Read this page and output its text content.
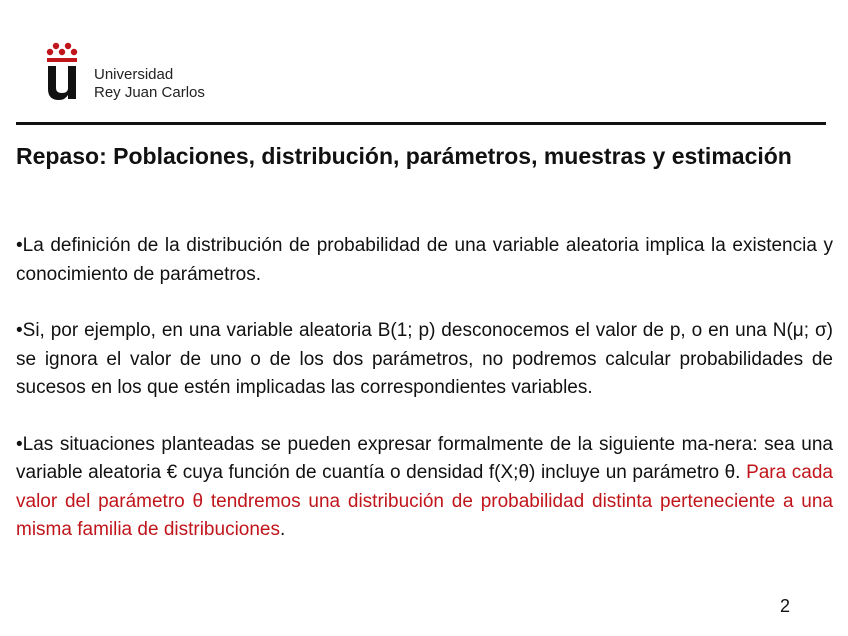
Universidad
Rey Juan Carlos
Repaso: Poblaciones, distribución, parámetros, muestras y estimación

•La definición de la distribución de probabilidad de una variable aleatoria implica la existencia y conocimiento de parámetros.

•Si, por ejemplo, en una variable aleatoria B(1; p) desconocemos el valor de p, o en una N(μ; σ) se ignora el valor de uno o de los dos parámetros, no podremos calcular probabilidades de sucesos en los que estén implicadas las correspondientes variables.

•Las situaciones planteadas se pueden expresar formalmente de la siguiente ma-nera: sea una variable aleatoria € cuya función de cuantía o densidad f(X;θ) incluye un parámetro θ. Para cada valor del parámetro θ tendremos una distribución de probabilidad distinta perteneciente a una misma familia de distribuciones.

2
